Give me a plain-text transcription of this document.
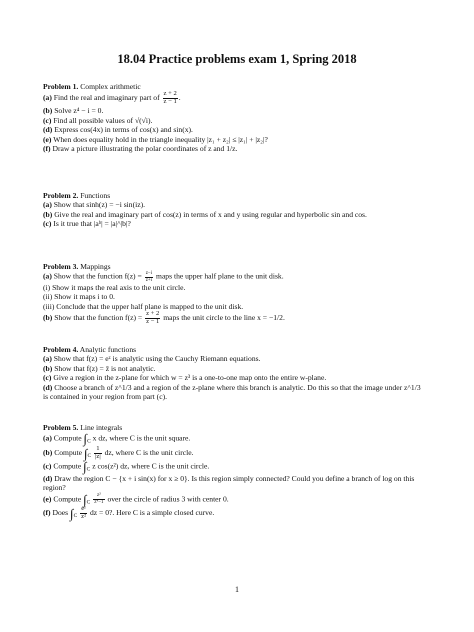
18.04 Practice problems exam 1, Spring 2018

Problem 1. Complex arithmetic

(a) Find the real and imaginary part of $\frac{z + 2}{z - 1}$ .

(b) Solve z⁴ − i = 0.

(c) Find all possible values of √(√i).

(d) Express cos(4x) in terms of cos(x) and sin(x).

(e) When does equality hold in the triangle inequality |z₁ + z₂| ≤ |z₁| + |z₂|?

(f) Draw a picture illustrating the polar coordinates of z and 1/z.

Problem 2. Functions

(a) Show that sinh(z) = −i sin(iz).

(b) Give the real and imaginary part of cos(z) in terms of x and y using regular and hyperbolic sin and cos.

(c) Is it true that |aᵇ| = |a|^|b|?

Problem 3. Mappings

(a) Show that the function $f(z) = \frac{z-i}{z+i}$ maps the upper half plane to the unit disk.

(i) Show it maps the real axis to the unit circle.

(ii) Show it maps i to 0.

(iii) Conclude that the upper half plane is mapped to the unit disk.

(b) Show that the function $f(z) = \frac{z + 2}{z - 1}$ maps the unit circle to the line x = −1/2.

Problem 4. Analytic functions

(a) Show that f(z) = eᶻ is analytic using the Cauchy Riemann equations.

(b) Show that f(z) = z̄ is not analytic.

(c) Give a region in the z-plane for which w = z³ is a one-to-one map onto the entire w-plane.

(d) Choose a branch of z^1/3 and a region of the z-plane where this branch is analytic. Do this so that the image under z^1/3 is contained in your region from part (c).

Problem 5. Line integrals

(a) Compute $\int_C$ x dz, where C is the unit square.

(b) Compute $\int_C \frac{1}{|z|}$ dz, where C is the unit circle.

(c) Compute $\int_C$ z cos(z²) dz, where C is the unit circle.

(d) Draw the region C − {x + i sin(x) for x ≥ 0}. Is this region simply connected? Could you define a branch of log on this region?

(e) Compute $\int_C \frac{\text{z²}}{\text{z⁴−1}}$ over the circle of radius 3 with center 0.

(f) Does $\int_C \frac{\text{eᶻ}}{\text{z²}}$ dz = 0?. Here C is a simple closed curve.

1
